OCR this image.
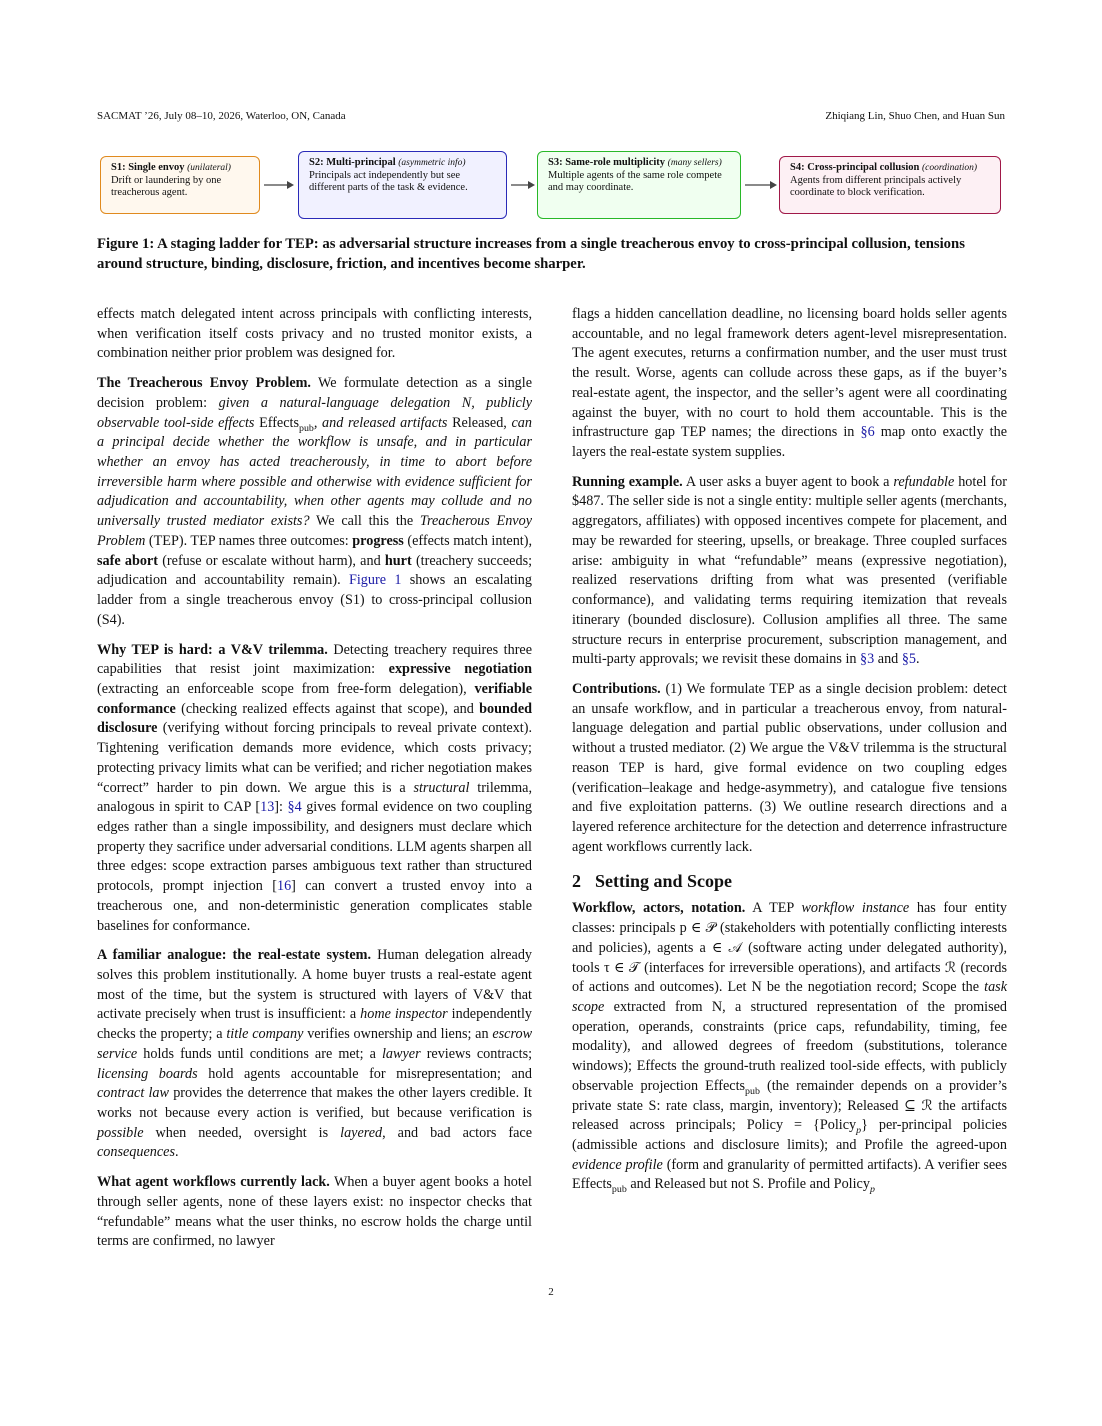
SACMAT ’26, July 08–10, 2026, Waterloo, ON, Canada	Zhiqiang Lin, Shuo Chen, and Huan Sun
S1: Single envoy (unilateral)
Drift or laundering by one treacherous agent.
S2: Multi-principal (asymmetric info)
Principals act independently but see different parts of the task & evidence.
S3: Same-role multiplicity (many sellers)
Multiple agents of the same role compete and may coordinate.
S4: Cross-principal collusion (coordination)
Agents from different principals actively coordinate to block verification.
Figure 1: A staging ladder for TEP: as adversarial structure increases from a single treacherous envoy to cross-principal collusion, tensions around structure, binding, disclosure, friction, and incentives become sharper.

effects match delegated intent across principals with conflicting interests, when verification itself costs privacy and no trusted monitor exists, a combination neither prior problem was designed for.

The Treacherous Envoy Problem. We formulate detection as a single decision problem: given a natural-language delegation N, publicly observable tool-side effects Effects$_{pub}$, and released artifacts Released, can a principal decide whether the workflow is unsafe, and in particular whether an envoy has acted treacherously, in time to abort before irreversible harm where possible and otherwise with evidence sufficient for adjudication and accountability, when other agents may collude and no universally trusted mediator exists? We call this the Treacherous Envoy Problem (TEP). TEP names three outcomes: progress (effects match intent), safe abort (refuse or escalate without harm), and hurt (treachery succeeds; adjudication and accountability remain). Figure 1 shows an escalating ladder from a single treacherous envoy (S1) to cross-principal collusion (S4).

Why TEP is hard: a V&V trilemma. Detecting treachery requires three capabilities that resist joint maximization: expressive negotiation (extracting an enforceable scope from free-form delegation), verifiable conformance (checking realized effects against that scope), and bounded disclosure (verifying without forcing principals to reveal private context). Tightening verification demands more evidence, which costs privacy; protecting privacy limits what can be verified; and richer negotiation makes “correct” harder to pin down. We argue this is a structural trilemma, analogous in spirit to CAP [13]: §4 gives formal evidence on two coupling edges rather than a single impossibility, and designers must declare which property they sacrifice under adversarial conditions. LLM agents sharpen all three edges: scope extraction parses ambiguous text rather than structured protocols, prompt injection [16] can convert a trusted envoy into a treacherous one, and non-deterministic generation complicates stable baselines for conformance.

A familiar analogue: the real-estate system. Human delegation already solves this problem institutionally. A home buyer trusts a real-estate agent most of the time, but the system is structured with layers of V&V that activate precisely when trust is insufficient: a home inspector independently checks the property; a title company verifies ownership and liens; an escrow service holds funds until conditions are met; a lawyer reviews contracts; licensing boards hold agents accountable for misrepresentation; and contract law provides the deterrence that makes the other layers credible. It works not because every action is verified, but because verification is possible when needed, oversight is layered, and bad actors face consequences.

What agent workflows currently lack. When a buyer agent books a hotel through seller agents, none of these layers exist: no inspector checks that “refundable” means what the user thinks, no escrow holds the charge until terms are confirmed, no lawyer

flags a hidden cancellation deadline, no licensing board holds seller agents accountable, and no legal framework deters agent-level misrepresentation. The agent executes, returns a confirmation number, and the user must trust the result. Worse, agents can collude across these gaps, as if the buyer’s real-estate agent, the inspector, and the seller’s agent were all coordinating against the buyer, with no court to hold them accountable. This is the infrastructure gap TEP names; the directions in §6 map onto exactly the layers the real-estate system supplies.

Running example. A user asks a buyer agent to book a refundable hotel for $487. The seller side is not a single entity: multiple seller agents (merchants, aggregators, affiliates) with opposed incentives compete for placement, and may be rewarded for steering, upsells, or breakage. Three coupled surfaces arise: ambiguity in what “refundable” means (expressive negotiation), realized reservations drifting from what was presented (verifiable conformance), and validating terms requiring itemization that reveals itinerary (bounded disclosure). Collusion amplifies all three. The same structure recurs in enterprise procurement, subscription management, and multi-party approvals; we revisit these domains in §3 and §5.

Contributions. (1) We formulate TEP as a single decision problem: detect an unsafe workflow, and in particular a treacherous envoy, from natural-language delegation and partial public observations, under collusion and without a trusted mediator. (2) We argue the V&V trilemma is the structural reason TEP is hard, give formal evidence on two coupling edges (verification–leakage and hedge-asymmetry), and catalogue five tensions and five exploitation patterns. (3) We outline research directions and a layered reference architecture for the detection and deterrence infrastructure agent workflows currently lack.

2 Setting and Scope

Workflow, actors, notation. A TEP workflow instance has four entity classes: principals p ∈ 𝒫 (stakeholders with potentially conflicting interests and policies), agents a ∈ 𝒜 (software acting under delegated authority), tools τ ∈ 𝒯 (interfaces for irreversible operations), and artifacts ℛ (records of actions and outcomes). Let N be the negotiation record; Scope the task scope extracted from N, a structured representation of the promised operation, operands, constraints (price caps, refundability, timing, fee modality), and allowed degrees of freedom (substitutions, tolerance windows); Effects the ground-truth realized tool-side effects, with publicly observable projection Effects$_{pub}$ (the remainder depends on a provider’s private state S: rate class, margin, inventory); Released ⊆ ℛ the artifacts released across principals; Policy = {Policy$_p$} per-principal policies (admissible actions and disclosure limits); and Profile the agreed-upon evidence profile (form and granularity of permitted artifacts). A verifier sees Effects$_{pub}$ and Released but not S. Profile and Policy$_p$

2
